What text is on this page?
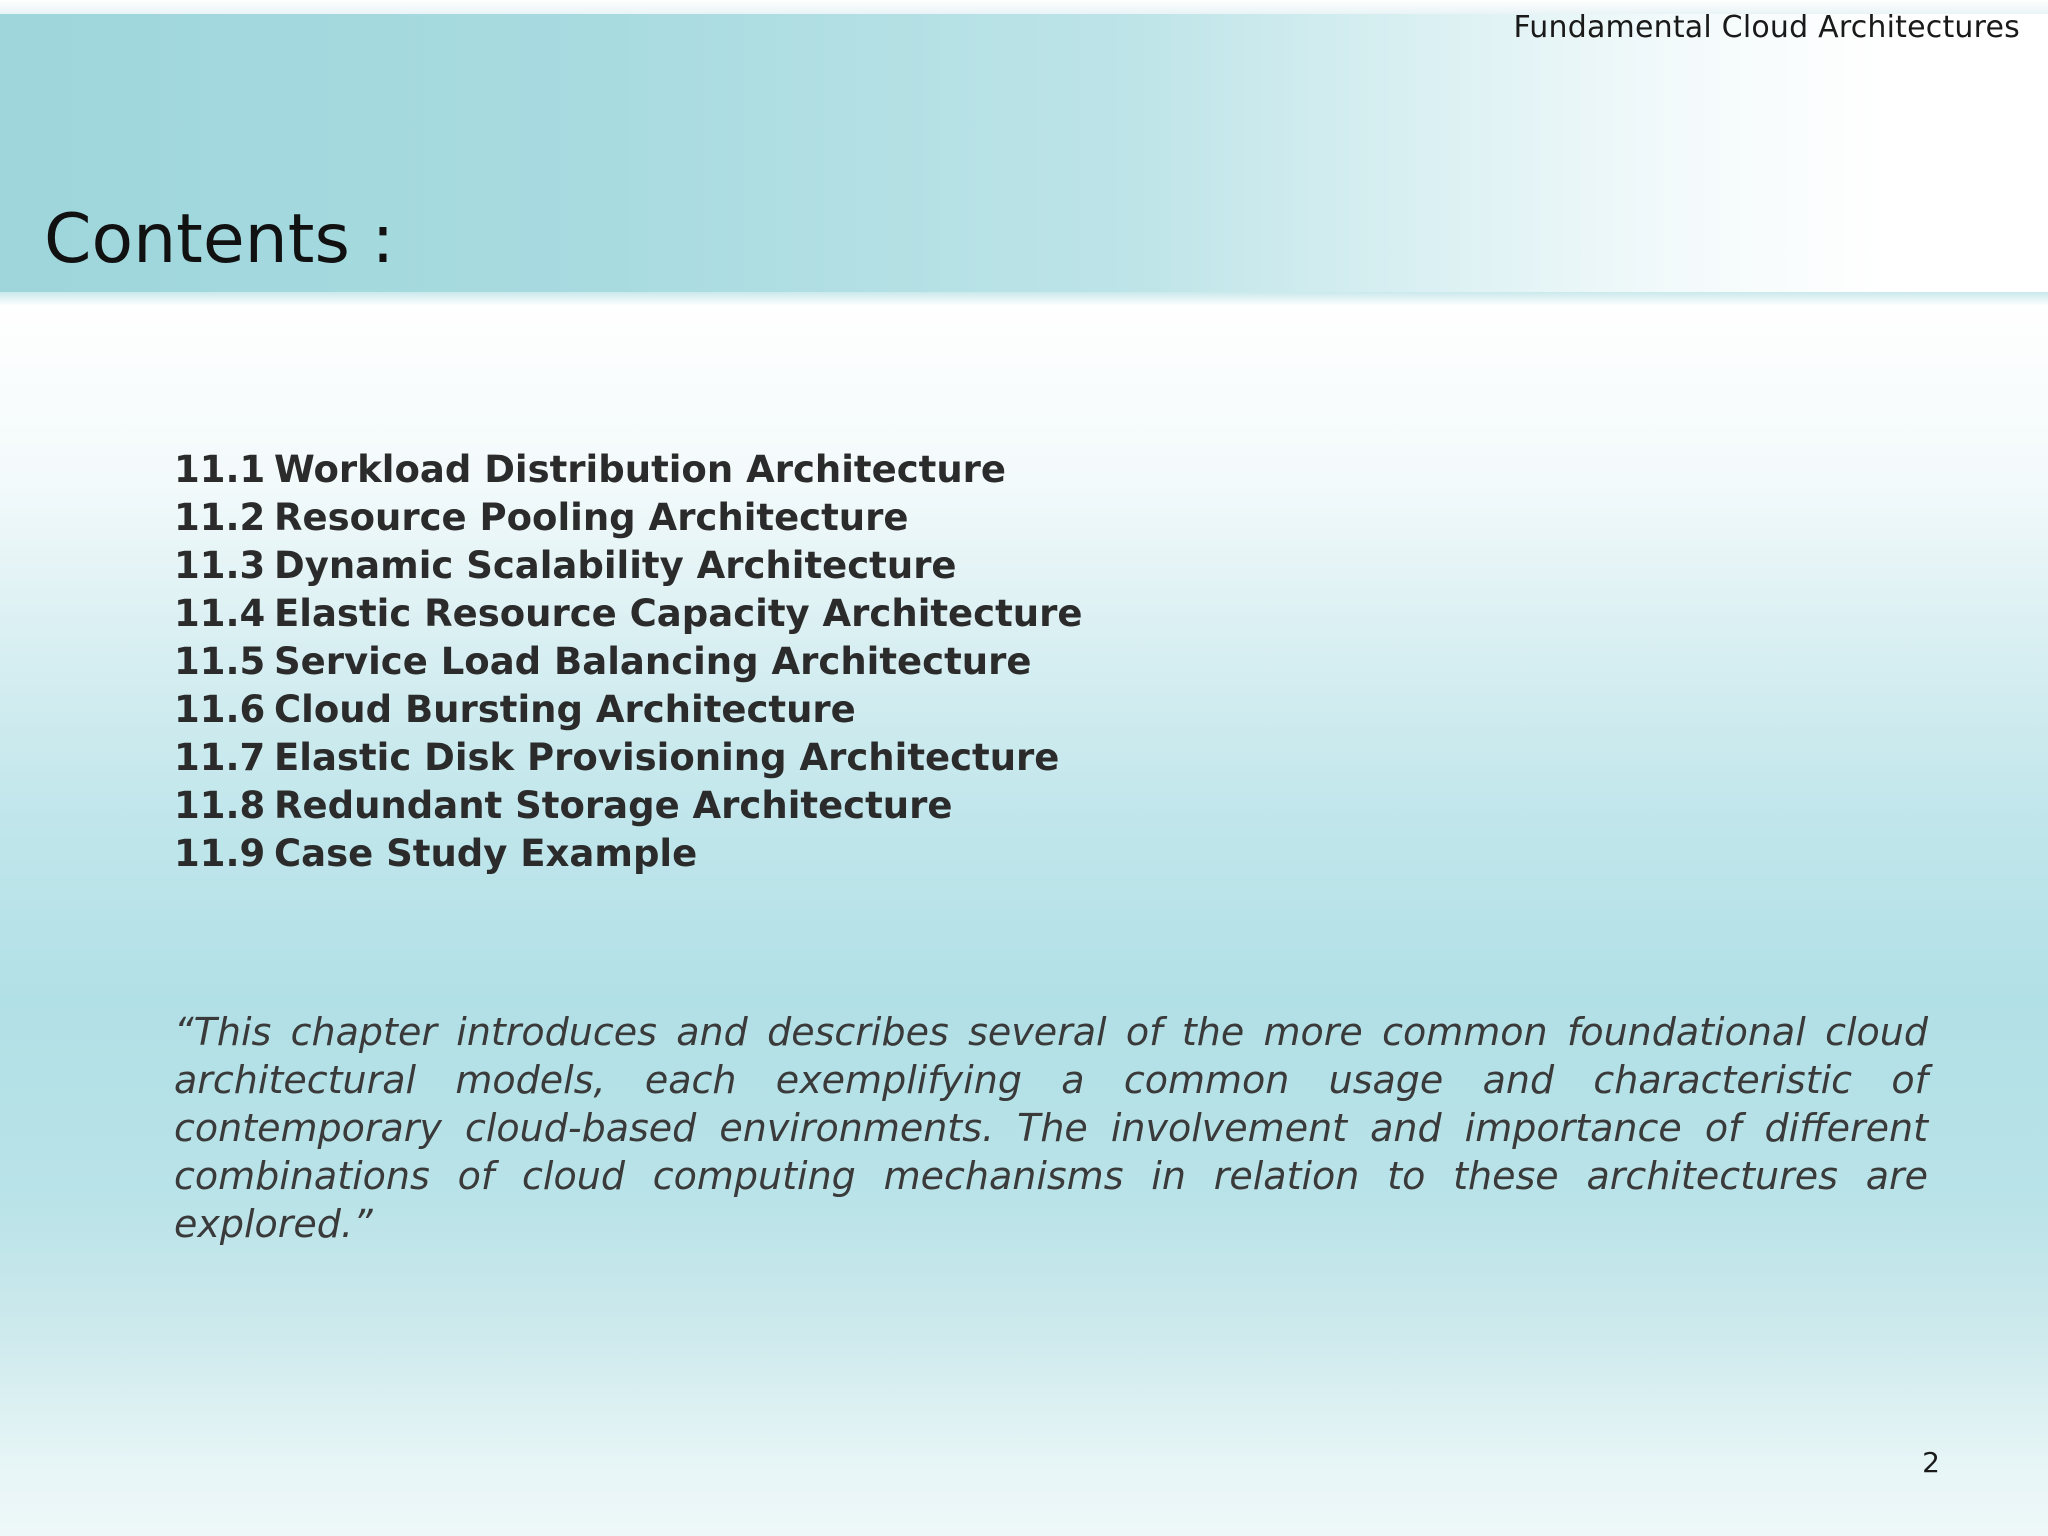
Fundamental Cloud Architectures
Contents :
11.1 Workload Distribution Architecture
11.2 Resource Pooling Architecture
11.3 Dynamic Scalability Architecture
11.4 Elastic Resource Capacity Architecture
11.5 Service Load Balancing Architecture
11.6 Cloud Bursting Architecture
11.7 Elastic Disk Provisioning Architecture
11.8 Redundant Storage Architecture
11.9 Case Study Example

“This chapter introduces and describes several of the more common foundational cloud architectural models, each exemplifying a common usage and characteristic of contemporary cloud-based environments. The involvement and importance of different combinations of cloud computing mechanisms in relation to these architectures are explored.”

2
